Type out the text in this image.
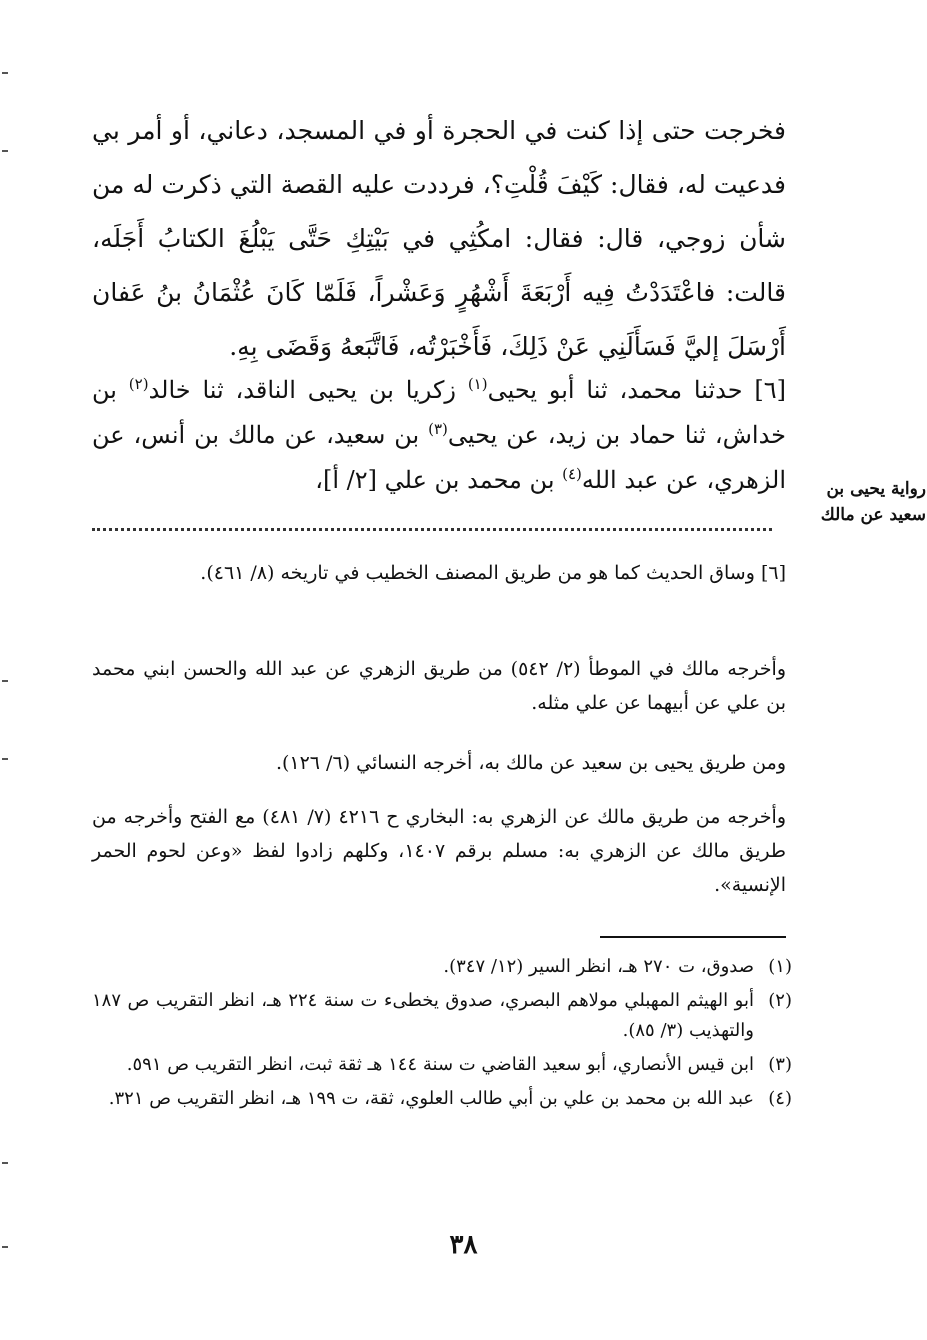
فخرجت حتى إذا كنت في الحجرة أو في المسجد، دعاني، أو أمر بي فدعيت له، فقال: كَيْفَ قُلْتِ؟، فرددت عليه القصة التي ذكرت له من شأن زوجي، قال: فقال: امكُثِي في بَيْتِكِ حَتَّى يَبْلُغَ الكتابُ أَجَلَه، قالت: فاعْتَدَدْتُ فِيه أَرْبَعَةَ أَشْهُرٍ وَعَشْراً، فَلَمّا كَانَ عُثْمَانُ بنُ عَفان أَرْسَلَ إليَّ فَسَأَلَنِي عَنْ ذَلِكَ، فَأَخْبَرْتُه، فَاتَّبَعهُ وَقَضَى بِهِ.
[٦] حدثنا محمد، ثنا أبو يحيى$^{(١)}$ زكريا بن يحيى الناقد، ثنا خالد$^{(٢)}$ بن خداش، ثنا حماد بن زيد، عن يحيى$^{(٣)}$ بن سعيد، عن مالك بن أنس، عن الزهري، عن عبد الله$^{(٤)}$ بن محمد بن علي [٢/ أ]،	رواية يحيى بن سعيد عن مالك
[٦] وساق الحديث كما هو من طريق المصنف الخطيب في تاريخه (٨/ ٤٦١).
وأخرجه مالك في الموطأ (٢/ ٥٤٢) من طريق الزهري عن عبد الله والحسن ابني محمد بن علي عن أبيهما عن علي مثله.
ومن طريق يحيى بن سعيد عن مالك به، أخرجه النسائي (٦/ ١٢٦).
وأخرجه من طريق مالك عن الزهري به: البخاري ح ٤٢١٦ (٧/ ٤٨١) مع الفتح وأخرجه من طريق مالك عن الزهري به: مسلم برقم ١٤٠٧، وكلهم زادوا لفظ «وعن لحوم الحمر الإنسية».
(١)
صدوق، ت ٢٧٠ هـ، انظر السير (١٢/ ٣٤٧).
(٢)
أبو الهيثم المهبلي مولاهم البصري، صدوق يخطىء ت سنة ٢٢٤ هـ، انظر التقريب ص ١٨٧ والتهذيب (٣/ ٨٥).
(٣)
ابن قيس الأنصاري، أبو سعيد القاضي ت سنة ١٤٤ هـ ثقة ثبت، انظر التقريب ص ٥٩١.
(٤)
عبد الله بن محمد بن علي بن أبي طالب العلوي، ثقة، ت ١٩٩ هـ، انظر التقريب ص ٣٢١.
٣٨
